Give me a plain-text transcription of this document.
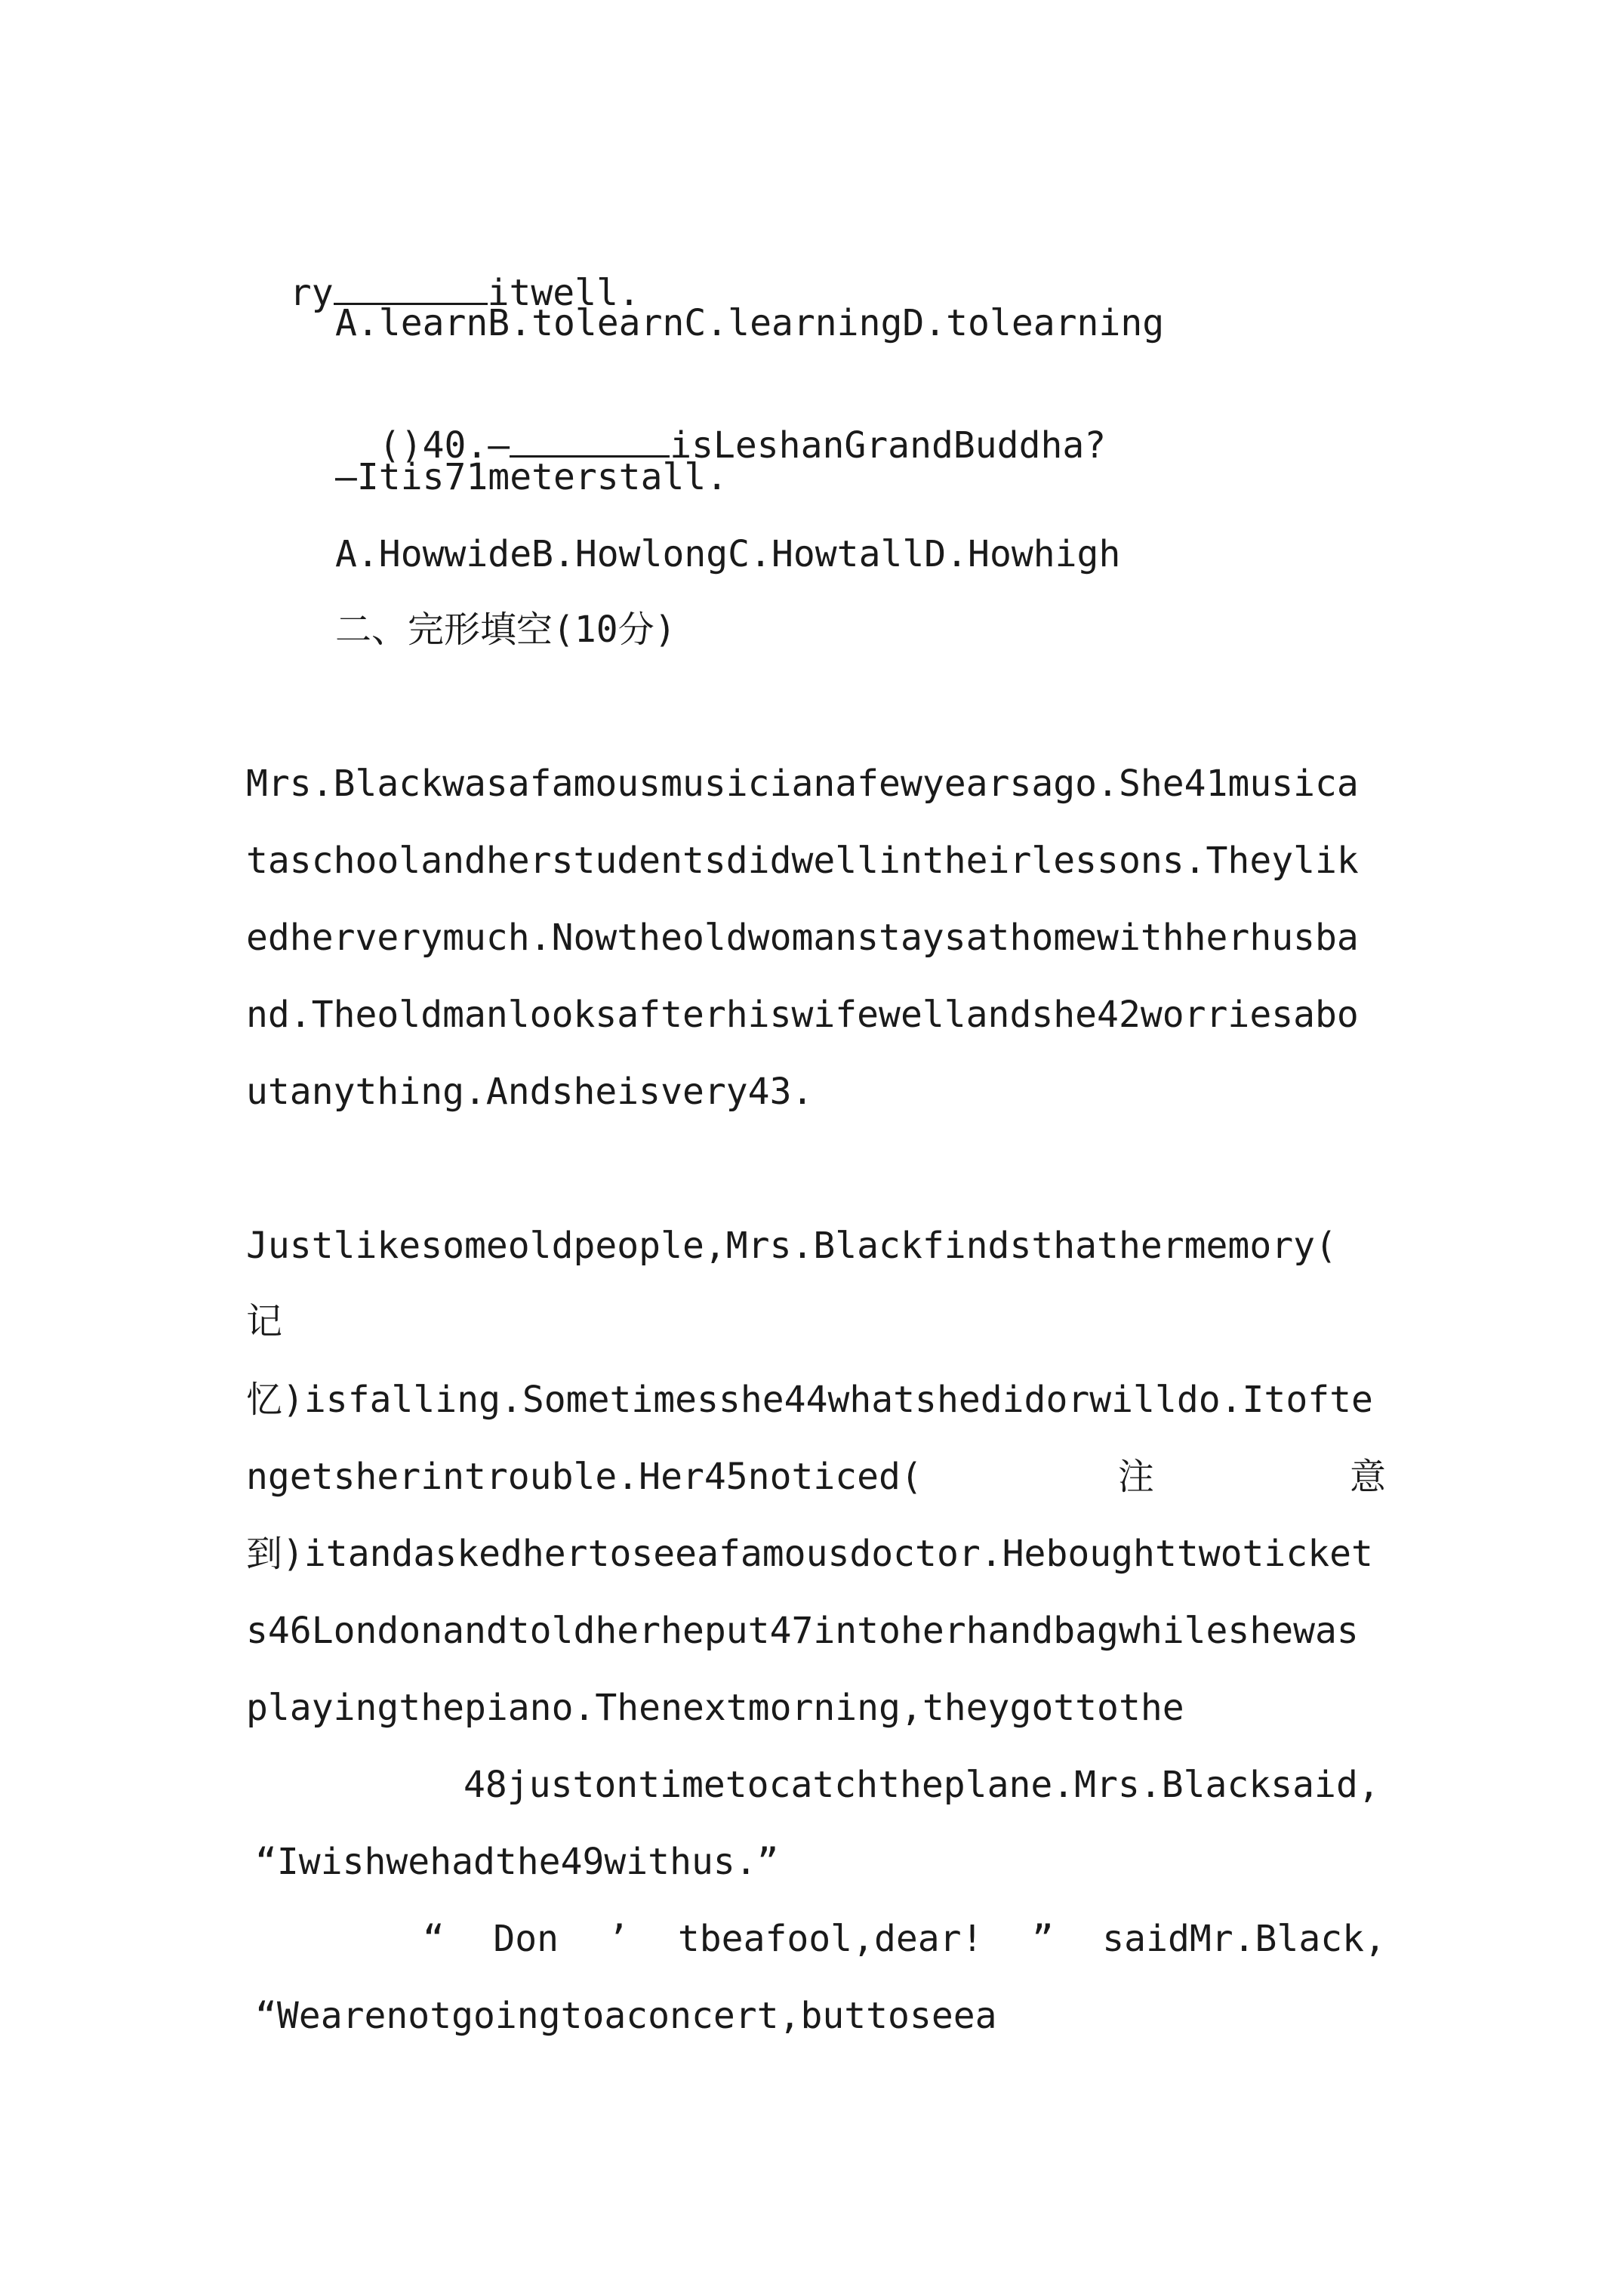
ry	itwell.

A.learnB.tolearnC.learningD.tolearning

()40.—	isLeshanGrandBuddha?

—Itis71meterstall.
A.HowwideB.HowlongC.HowtallD.Howhigh
二、完形填空(10分)
Mrs.Blackwasafamousmusicianafewyearsago.She41musica
taschoolandherstudentsdidwellintheirlessons.Theylik
edherverymuch.Nowtheoldwomanstaysathomewithherhusba
nd.Theoldmanlooksafterhiswifewellandshe42worriesabo
utanything.Andsheisvery43.
Justlikesomeoldpeople,Mrs.Blackfindsthathermemory(
记
忆)isfalling.Sometimesshe44whatshedidorwilldo.Itofte
ngetsherintrouble.Her45noticed(	注	意
到)itandaskedhertoseeafamousdoctor.Heboughttwoticket
s46Londonandtoldherheput47intoherhandbagwhileshewas
playingthepiano.Thenextmorning,theygottothe
48justontimetocatchtheplane.Mrs.Blacksaid,
“Iwishwehadthe49withus.”
“ Don ’ tbeafool,dear! ” saidMr.Black,
“Wearenotgoingtoaconcert,buttoseea
